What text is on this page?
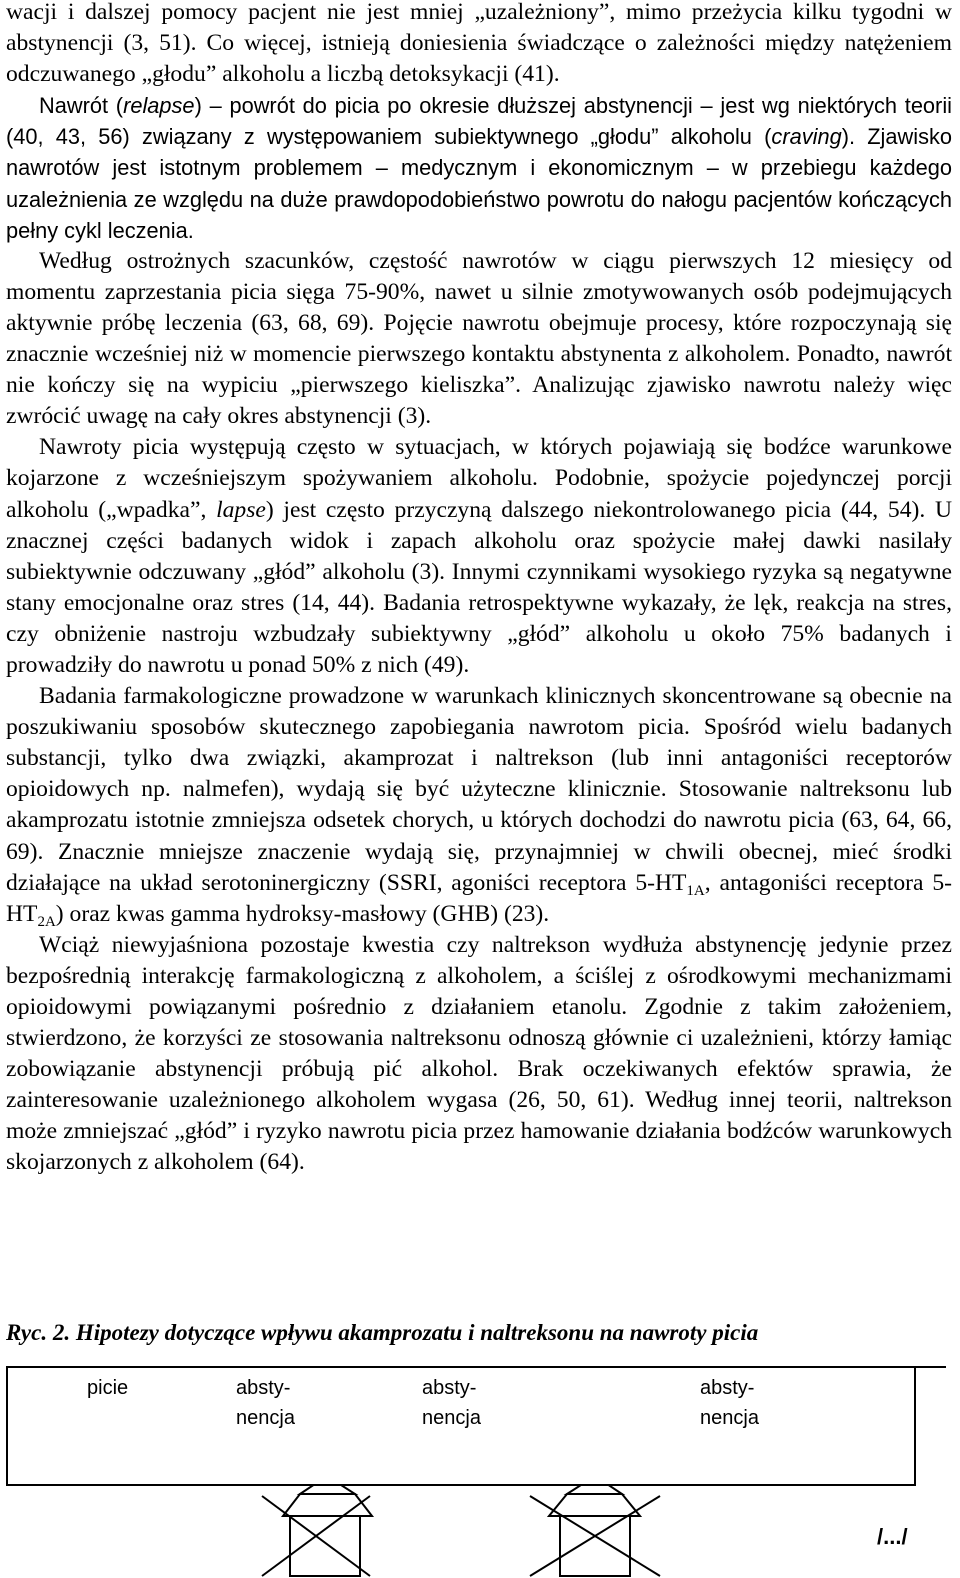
wacji i dalszej pomocy pacjent nie jest mniej „uzależniony”, mimo przeżycia kilku tygodni w abstynencji (3, 51). Co więcej, istnieją doniesienia świadczące o zależności między natężeniem odczuwanego „głodu” alkoholu a liczbą detoksykacji (41).

Nawrót (relapse) – powrót do picia po okresie dłuższej abstynencji – jest wg niektórych teorii (40, 43, 56) związany z występowaniem subiektywnego „głodu” alkoholu (craving). Zjawisko nawrotów jest istotnym problemem – medycznym i ekonomicznym – w przebiegu każdego uzależnienia ze względu na duże prawdopodobieństwo powrotu do nałogu pacjentów kończących pełny cykl leczenia.

Według ostrożnych szacunków, częstość nawrotów w ciągu pierwszych 12 miesięcy od momentu zaprzestania picia sięga 75-90%, nawet u silnie zmotywowanych osób podejmujących aktywnie próbę leczenia (63, 68, 69). Pojęcie nawrotu obejmuje procesy, które rozpoczynają się znacznie wcześniej niż w momencie pierwszego kontaktu abstynenta z alkoholem. Ponadto, nawrót nie kończy się na wypiciu „pierwszego kieliszka”. Analizując zjawisko nawrotu należy więc zwrócić uwagę na cały okres abstynencji (3).

Nawroty picia występują często w sytuacjach, w których pojawiają się bodźce warunkowe kojarzone z wcześniejszym spożywaniem alkoholu. Podobnie, spożycie pojedynczej porcji alkoholu („wpadka”, lapse) jest często przyczyną dalszego niekontrolowanego picia (44, 54). U znacznej części badanych widok i zapach alkoholu oraz spożycie małej dawki nasilały subiektywnie odczuwany „głód” alkoholu (3). Innymi czynnikami wysokiego ryzyka są negatywne stany emocjonalne oraz stres (14, 44). Badania retrospektywne wykazały, że lęk, reakcja na stres, czy obniżenie nastroju wzbudzały subiektywny „głód” alkoholu u około 75% badanych i prowadziły do nawrotu u ponad 50% z nich (49).

Badania farmakologiczne prowadzone w warunkach klinicznych skoncentrowane są obecnie na poszukiwaniu sposobów skutecznego zapobiegania nawrotom picia. Spośród wielu badanych substancji, tylko dwa związki, akamprozat i naltrekson (lub inni antagoniści receptorów opioidowych np. nalmefen), wydają się być użyteczne klinicznie. Stosowanie naltreksonu lub akamprozatu istotnie zmniejsza odsetek chorych, u których dochodzi do nawrotu picia (63, 64, 66, 69). Znacznie mniejsze znaczenie wydają się, przynajmniej w chwili obecnej, mieć środki działające na układ serotoninergiczny (SSRI, agoniści receptora $5-HT_{1A}$, antagoniści receptora $5-HT_{2A}$) oraz kwas gamma hydroksy-masłowy (GHB) (23).

Wciąż niewyjaśniona pozostaje kwestia czy naltrekson wydłuża abstynencję jedynie przez bezpośrednią interakcję farmakologiczną z alkoholem, a ściślej z ośrodkowymi mechanizmami opioidowymi powiązanymi pośrednio z działaniem etanolu. Zgodnie z takim założeniem, stwierdzono, że korzyści ze stosowania naltreksonu odnoszą głównie ci uzależnieni, którzy łamiąc zobowiązanie abstynencji próbują pić alkohol. Brak oczekiwanych efektów sprawia, że zainteresowanie uzależnionego alkoholem wygasa (26, 50, 61). Według innej teorii, naltrekson może zmniejszać „głód” i ryzyko nawrotu picia przez hamowanie działania bodźców warunkowych skojarzonych z alkoholem (64).

Ryc. 2. Hipotezy dotyczące wpływu akamprozatu i naltreksonu na nawroty picia
picie	absty-
nencja
absty-
nencja
absty-
nencja
/.../
